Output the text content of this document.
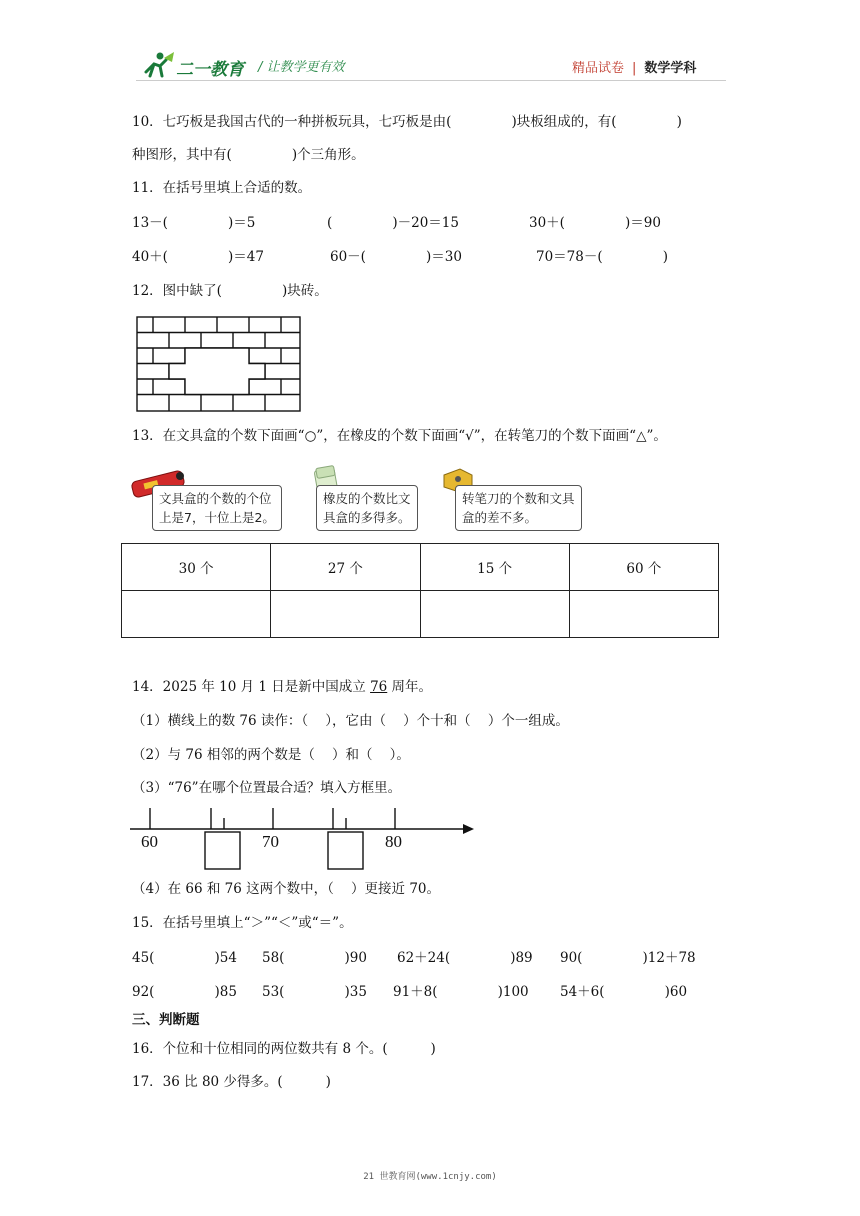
二一教育 / 让教学更有效	精品试卷 | 数学学科
10．七巧板是我国古代的一种拼板玩具，七巧板是由(              )块板组成的，有(              )
种图形，其中有(              )个三角形。
11．在括号里填上合适的数。
13－(              )＝5	(              )－20＝15	30＋(              )＝90
40＋(              )＝47	60－(              )＝30	70＝78－(              )
12．图中缺了(              )块砖。
13．在文具盒的个数下面画“○”，在橡皮的个数下面画“√”，在转笔刀的个数下面画“△”。
文具盒的个数的个位
上是7，十位上是2。
橡皮的个数比文
具盒的多得多。
转笔刀的个数和文具
盒的差不多。
30 个	27 个	15 个	60 个

14．2025 年 10 月 1 日是新中国成立 76 周年。
（1）横线上的数 76 读作：（    ），它由（    ）个十和（    ）个一组成。
（2）与 76 相邻的两个数是（    ）和（    ）。
（3）“76”在哪个位置最合适？填入方框里。
60	70	80
（4）在 66 和 76 这两个数中，（    ）更接近 70。
15．在括号里填上“＞”“＜”或“＝”。
45(              )54 58(              )90 62＋24(              )89 90(              )12＋78
92(              )85 53(              )35 91＋8(              )100 54＋6(              )60
三、判断题
16．个位和十位相同的两位数共有 8 个。(          )
17．36 比 80 少得多。(          )
21 世教育网(www.1cnjy.com)
